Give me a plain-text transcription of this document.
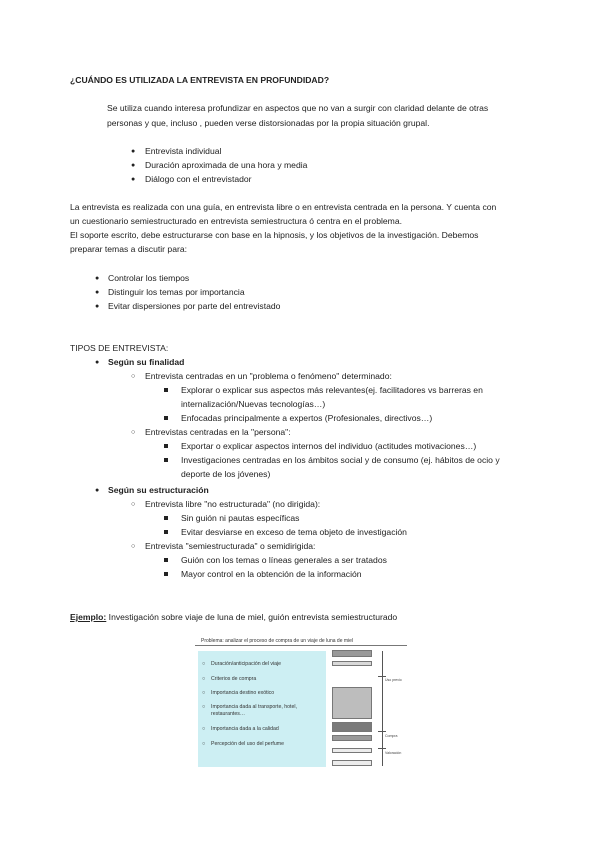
¿CUÁNDO ES UTILIZADA LA ENTREVISTA EN PROFUNDIDAD?
Se utiliza cuando interesa profundizar en aspectos que no van a surgir con claridad delante de otras
personas y que, incluso , pueden verse distorsionadas por la propia situación grupal.
● Entrevista individual
● Duración aproximada de una hora y media
● Diálogo con el entrevistador
La entrevista es realizada con una guía, en entrevista libre o en entrevista centrada en la persona. Y cuenta con
un cuestionario semiestructurado en entrevista semiestructura ó centra en el problema.
El soporte escrito, debe estructurarse con base en la hipnosis, y los objetivos de la investigación. Debemos
preparar temas a discutir para:
● Controlar los tiempos
● Distinguir los temas por importancia
● Evitar dispersiones por parte del entrevistado
TIPOS DE ENTREVISTA:
● Según su finalidad
○ Entrevista centradas en un "problema o fenómeno" determinado:
Explorar o explicar sus aspectos más relevantes(ej. facilitadores vs barreras en
internalización/Nuevas tecnologías…)
Enfocadas principalmente a expertos (Profesionales, directivos…)
○ Entrevistas centradas en la "persona":
Exportar o explicar aspectos internos del individuo (actitudes motivaciones…)
Investigaciones centradas en los ámbitos social y de consumo (ej. hábitos de ocio y
deporte de los jóvenes)
● Según su estructuración
○ Entrevista libre "no estructurada" (no dirigida):
Sin guión ni pautas específicas
Evitar desviarse en exceso de tema objeto de investigación
○ Entrevista "semiestructurada" o semidirigida:
Guión con los temas o líneas generales a ser tratados
Mayor control en la obtención de la información
Ejemplo: Investigación sobre viaje de luna de miel, guión entrevista semiestructurado
Problema: analizar el proceso de compra de un viaje de luna de miel
○ Duración/anticipación del viaje
○ Criterios de compra
○ Importancia destino exótico
○ Importancia dada al transporte, hotel,
restaurantes…
○ Importancia dada a la calidad
○ Percepción del uso del perfume
Uso previo
Compra
Valoración
